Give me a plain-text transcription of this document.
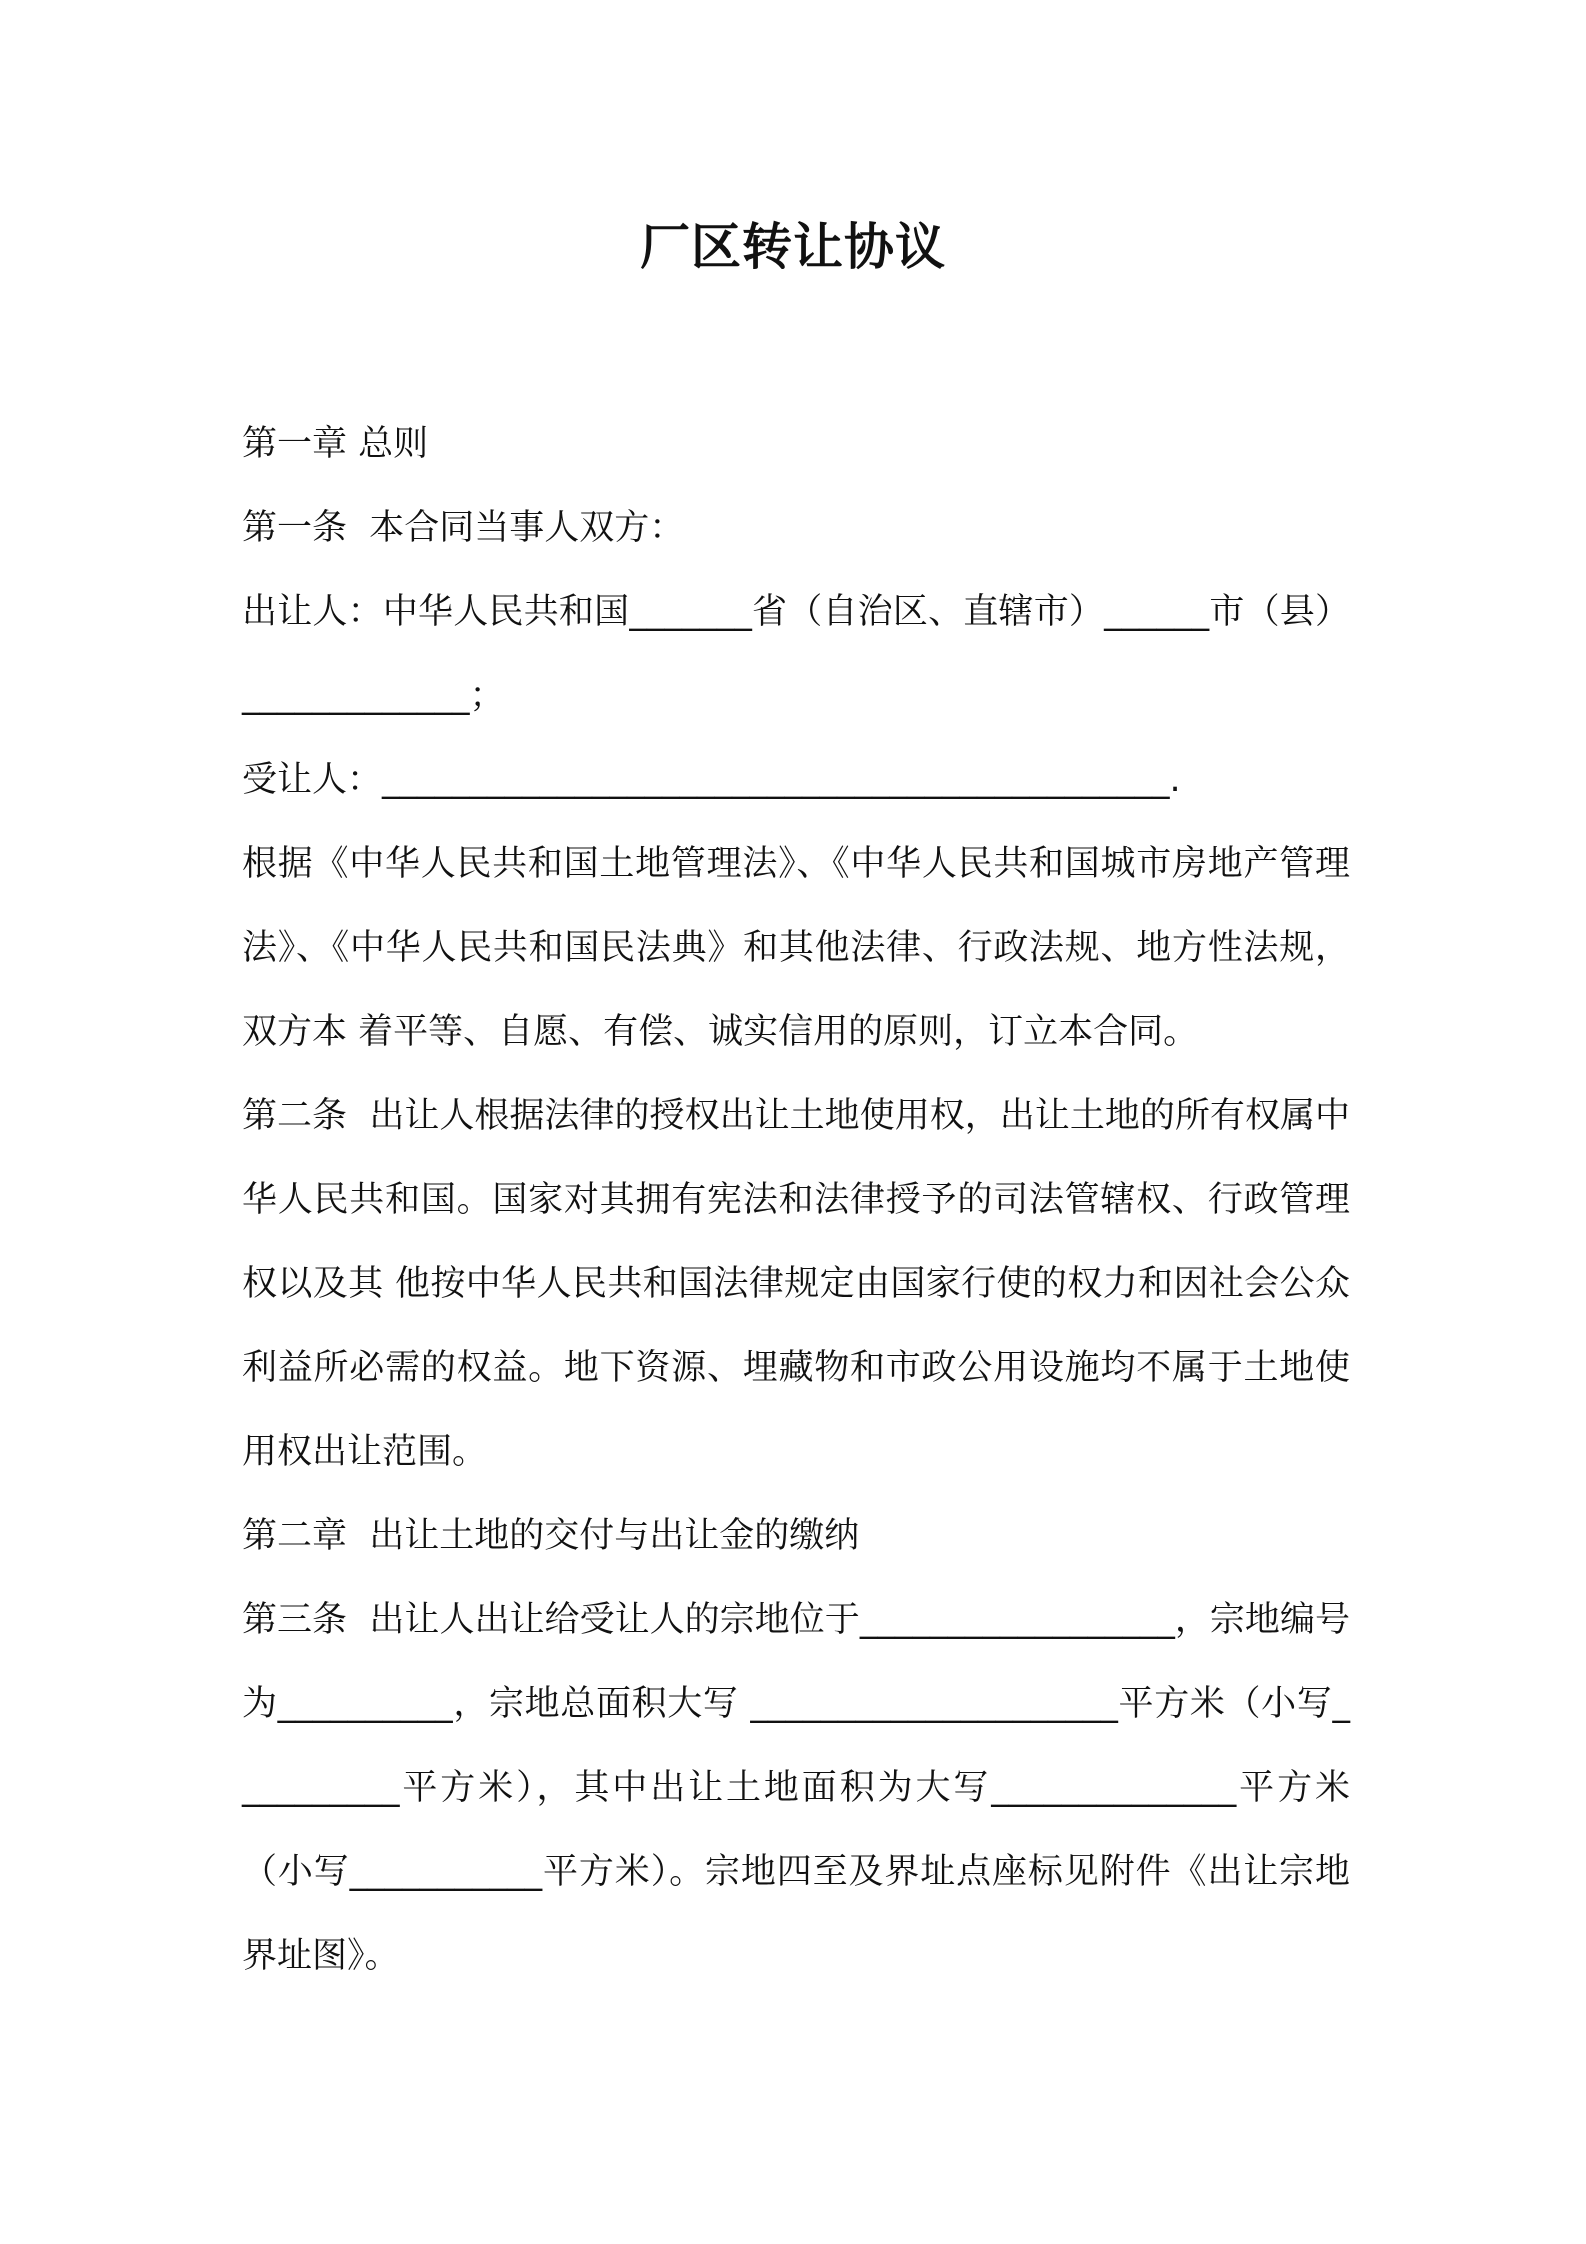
厂区转让协议

第一章 总则

第一条  本合同当事人双方：

出让人：中华人民共和国_______省（自治区、直辖市）______市（县）_____________；

受让人：_____________________________________________.

根据《中华人民共和国土地管理法》、《中华人民共和国城市房地产管理法》、《中华人民共和国民法典》和其他法律、行政法规、地方性法规，双方本 着平等、自愿、有偿、诚实信用的原则，订立本合同。

第二条  出让人根据法律的授权出让土地使用权，出让土地的所有权属中华人民共和国。国家对其拥有宪法和法律授予的司法管辖权、行政管理权以及其 他按中华人民共和国法律规定由国家行使的权力和因社会公众利益所必需的权益。地下资源、埋藏物和市政公用设施均不属于土地使用权出让范围。

第二章  出让土地的交付与出让金的缴纳

第三条  出让人出让给受让人的宗地位于__________________，宗地编号为__________，宗地总面积大写 _____________________平方米（小写__________平方米），其中出让土地面积为大写______________平方米（小写___________平方米）。宗地四至及界址点座标见附件《出让宗地界址图》。
